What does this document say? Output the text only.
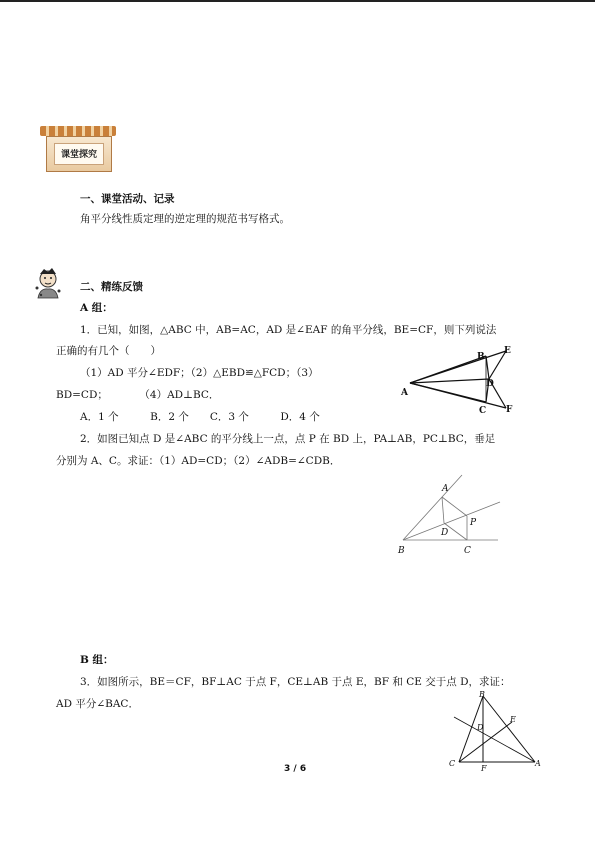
课堂探究
一、课堂活动、记录
角平分线性质定理的逆定理的规范书写格式。
二、精练反馈
A 组：
1．已知，如图，△ABC 中，AB=AC，AD 是∠EAF 的角平分线，BE=CF，则下列说法
正确的有几个（　　）
（1）AD 平分∠EDF；（2）△EBD≌△FCD；（3）
BD=CD；　　　　（4）AD⊥BC．
A．1 个　　　B．2 个　　C．3 个　　　D．4 个
2．如图已知点 D 是∠ABC 的平分线上一点，点 P 在 BD 上，PA⊥AB，PC⊥BC，垂足
分别为 A、C。求证：（1）AD=CD；（2）∠ADB=∠CDB．
B 组：
3．如图所示，BE＝CF，BF⊥AC 于点 F，CE⊥AB 于点 E，BF 和 CE 交于点 D，求证：
AD 平分∠BAC．
A
B
C
D
E
F
A
B	C
D
P
B
C	A
D
E
F
3 / 6
